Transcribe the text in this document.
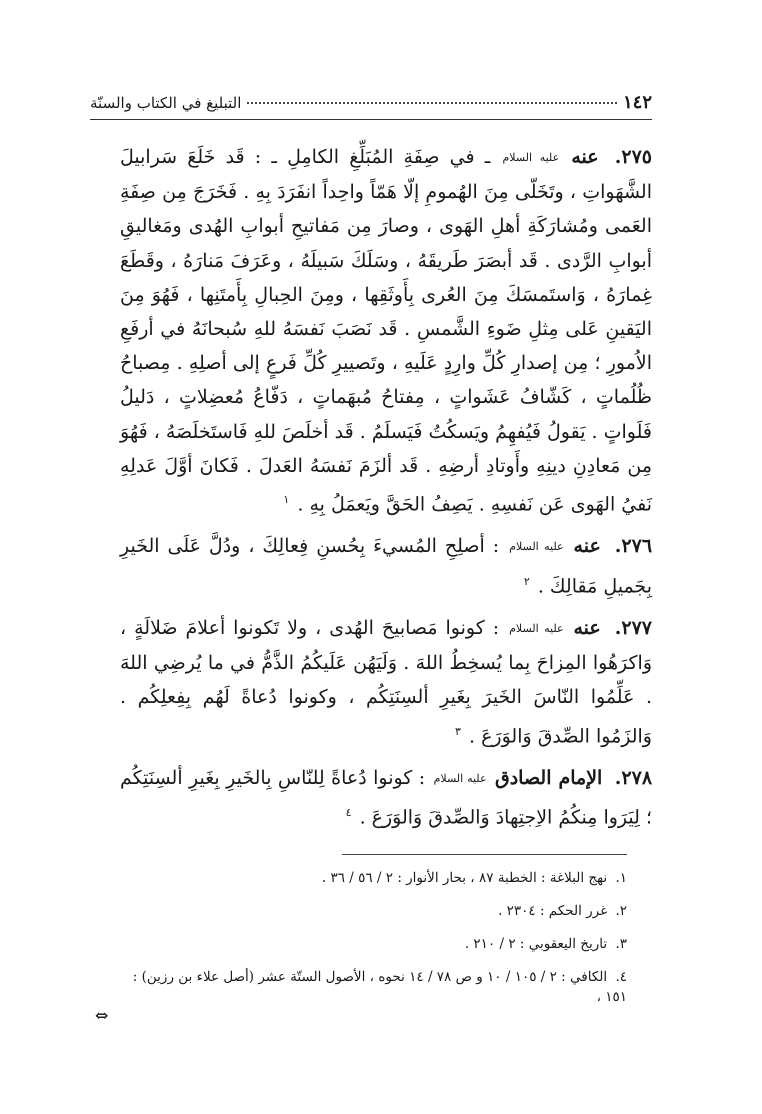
١٤٢
التبليغ في الكتاب والسنّة

٢٧٥. عنه عليه السلام ـ في صِفَةِ المُبَلِّغِ الكامِلِ ـ : قَد خَلَعَ سَرابيلَ الشَّهَواتِ ، وتَخَلّى مِنَ الهُمومِ إلّا هَمّاً واحِداً انفَرَدَ بِهِ . فَخَرَجَ مِن صِفَةِ العَمى ومُشارَكَةِ أهلِ الهَوى ، وصارَ مِن مَفاتيحِ أبوابِ الهُدى ومَغاليقِ أبوابِ الرَّدى . قَد أبصَرَ طَريقَهُ ، وسَلَكَ سَبيلَهُ ، وعَرَفَ مَنارَهُ ، وقَطَعَ غِمارَهُ ، وَاستَمسَكَ مِنَ العُرى بِأَوثَقِها ، ومِنَ الحِبالِ بِأَمتَنِها ، فَهُوَ مِنَ اليَقينِ عَلى مِثلِ ضَوءِ الشَّمسِ . قَد نَصَبَ نَفسَهُ للهِ سُبحانَهُ في أرفَعِ الاُمورِ ؛ مِن إصدارِ كُلِّ وارِدٍ عَلَيهِ ، وتَصييرِ كُلِّ فَرعٍ إلى أصلِهِ . مِصباحُ ظُلُماتٍ ، كَشّافُ عَشَواتٍ ، مِفتاحُ مُبهَماتٍ ، دَفّاعُ مُعضِلاتٍ ، دَليلُ فَلَواتٍ . يَقولُ فَيُفهِمُ ويَسكُتُ فَيَسلَمُ . قَد أخلَصَ للهِ فَاستَخلَصَهُ ، فَهُوَ مِن مَعادِنِ دينِهِ وأَوتادِ أرضِهِ . قَد ألزَمَ نَفسَهُ العَدلَ . فَكانَ أوَّلَ عَدلِهِ نَفيُ الهَوى عَن نَفسِهِ . يَصِفُ الحَقَّ ويَعمَلُ بِهِ . $^١$

٢٧٦. عنه عليه السلام : أصلِحِ المُسيءَ بِحُسنِ فِعالِكَ ، ودُلَّ عَلَى الخَيرِ بِجَميلِ مَقالِكَ . $^٢$

٢٧٧. عنه عليه السلام : كونوا مَصابيحَ الهُدى ، ولا تَكونوا أعلامَ ضَلالَةٍ ، وَاكرَهُوا المِزاحَ بِما يُسخِطُ اللهَ . وَلَيَهُن عَلَيكُمُ الذَّمُّ في ما يُرضِي اللهَ . عَلِّمُوا النّاسَ الخَيرَ بِغَيرِ ألسِنَتِكُم ، وكونوا دُعاةً لَهُم بِفِعلِكُم . وَالزَمُوا الصِّدقَ وَالوَرَعَ . $^٣$

٢٧٨. الإمام الصادق عليه السلام : كونوا دُعاةً لِلنّاسِ بِالخَيرِ بِغَيرِ ألسِنَتِكُم ؛ لِيَرَوا مِنكُمُ الاِجتِهادَ وَالصِّدقَ وَالوَرَعَ . $^٤$

١. نهج البلاغة : الخطبة ٨٧ ، بحار الأنوار : ٢ / ٥٦ / ٣٦ .

٢. غرر الحكم : ٢٣٠٤ .

٣. تاريخ اليعقوبي : ٢ / ٢١٠ .

٤. الكافي : ٢ / ١٠٥ / ١٠ و ص ٧٨ / ١٤ نحوه ، الأصول الستّة عشر (أصل علاء بن رزين) : ١٥١ ،

⇔
